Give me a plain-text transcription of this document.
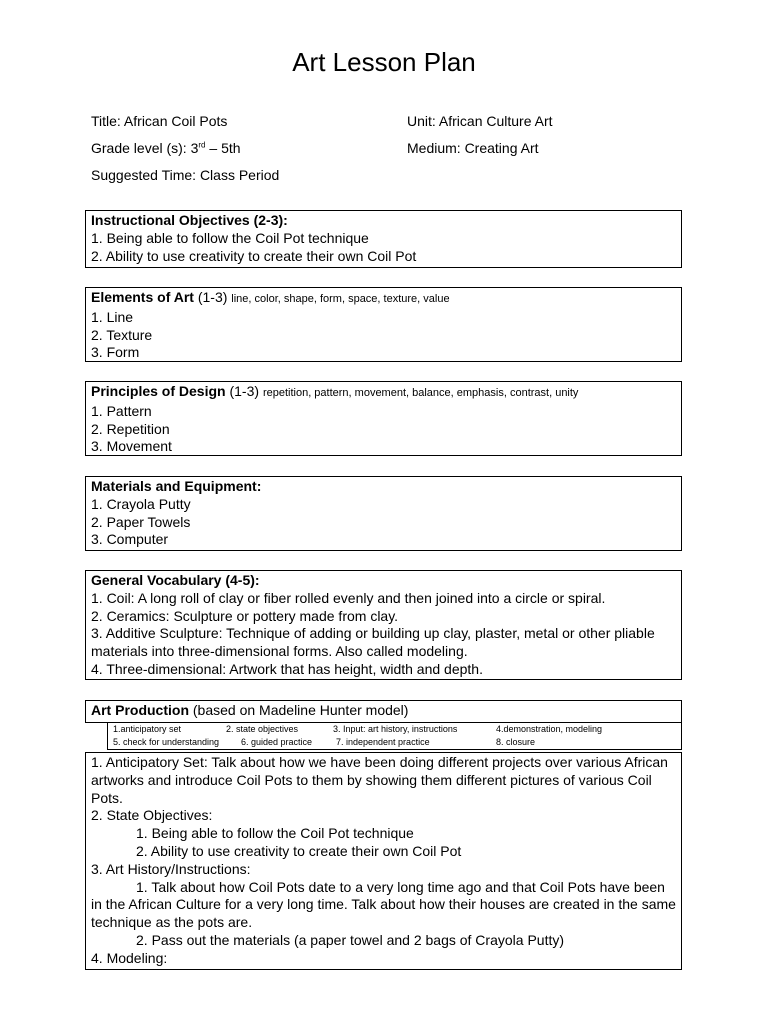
Art Lesson Plan
Title: African Coil Pots	Unit: African Culture Art
Grade level (s): 3rd – 5th	Medium: Creating Art
Suggested Time: Class Period
Instructional Objectives (2-3):
1. Being able to follow the Coil Pot technique
2. Ability to use creativity to create their own Coil Pot
Elements of Art (1-3) line, color, shape, form, space, texture, value
1. Line
2. Texture
3. Form
Principles of Design (1-3) repetition, pattern, movement, balance, emphasis, contrast, unity
1. Pattern
2. Repetition
3. Movement
Materials and Equipment:
1. Crayola Putty
2. Paper Towels
3. Computer
General Vocabulary (4-5):
1. Coil: A long roll of clay or fiber rolled evenly and then joined into a circle or spiral.
2. Ceramics: Sculpture or pottery made from clay.
3. Additive Sculpture: Technique of adding or building up clay, plaster, metal or other pliable materials into three-dimensional forms. Also called modeling.
4. Three-dimensional: Artwork that has height, width and depth.
Art Production (based on Madeline Hunter model)
1.anticipatory set	2. state objectives	3. Input: art history, instructions	4.demonstration, modeling
5. check for understanding 6. guided practice	7. independent practice	8. closure
1. Anticipatory Set: Talk about how we have been doing different projects over various African artworks and introduce Coil Pots to them by showing them different pictures of various Coil Pots.
2. State Objectives:
1. Being able to follow the Coil Pot technique
2. Ability to use creativity to create their own Coil Pot
3. Art History/Instructions:
1. Talk about how Coil Pots date to a very long time ago and that Coil Pots have been in the African Culture for a very long time. Talk about how their houses are created in the same technique as the pots are.
2. Pass out the materials (a paper towel and 2 bags of Crayola Putty)
4. Modeling:
